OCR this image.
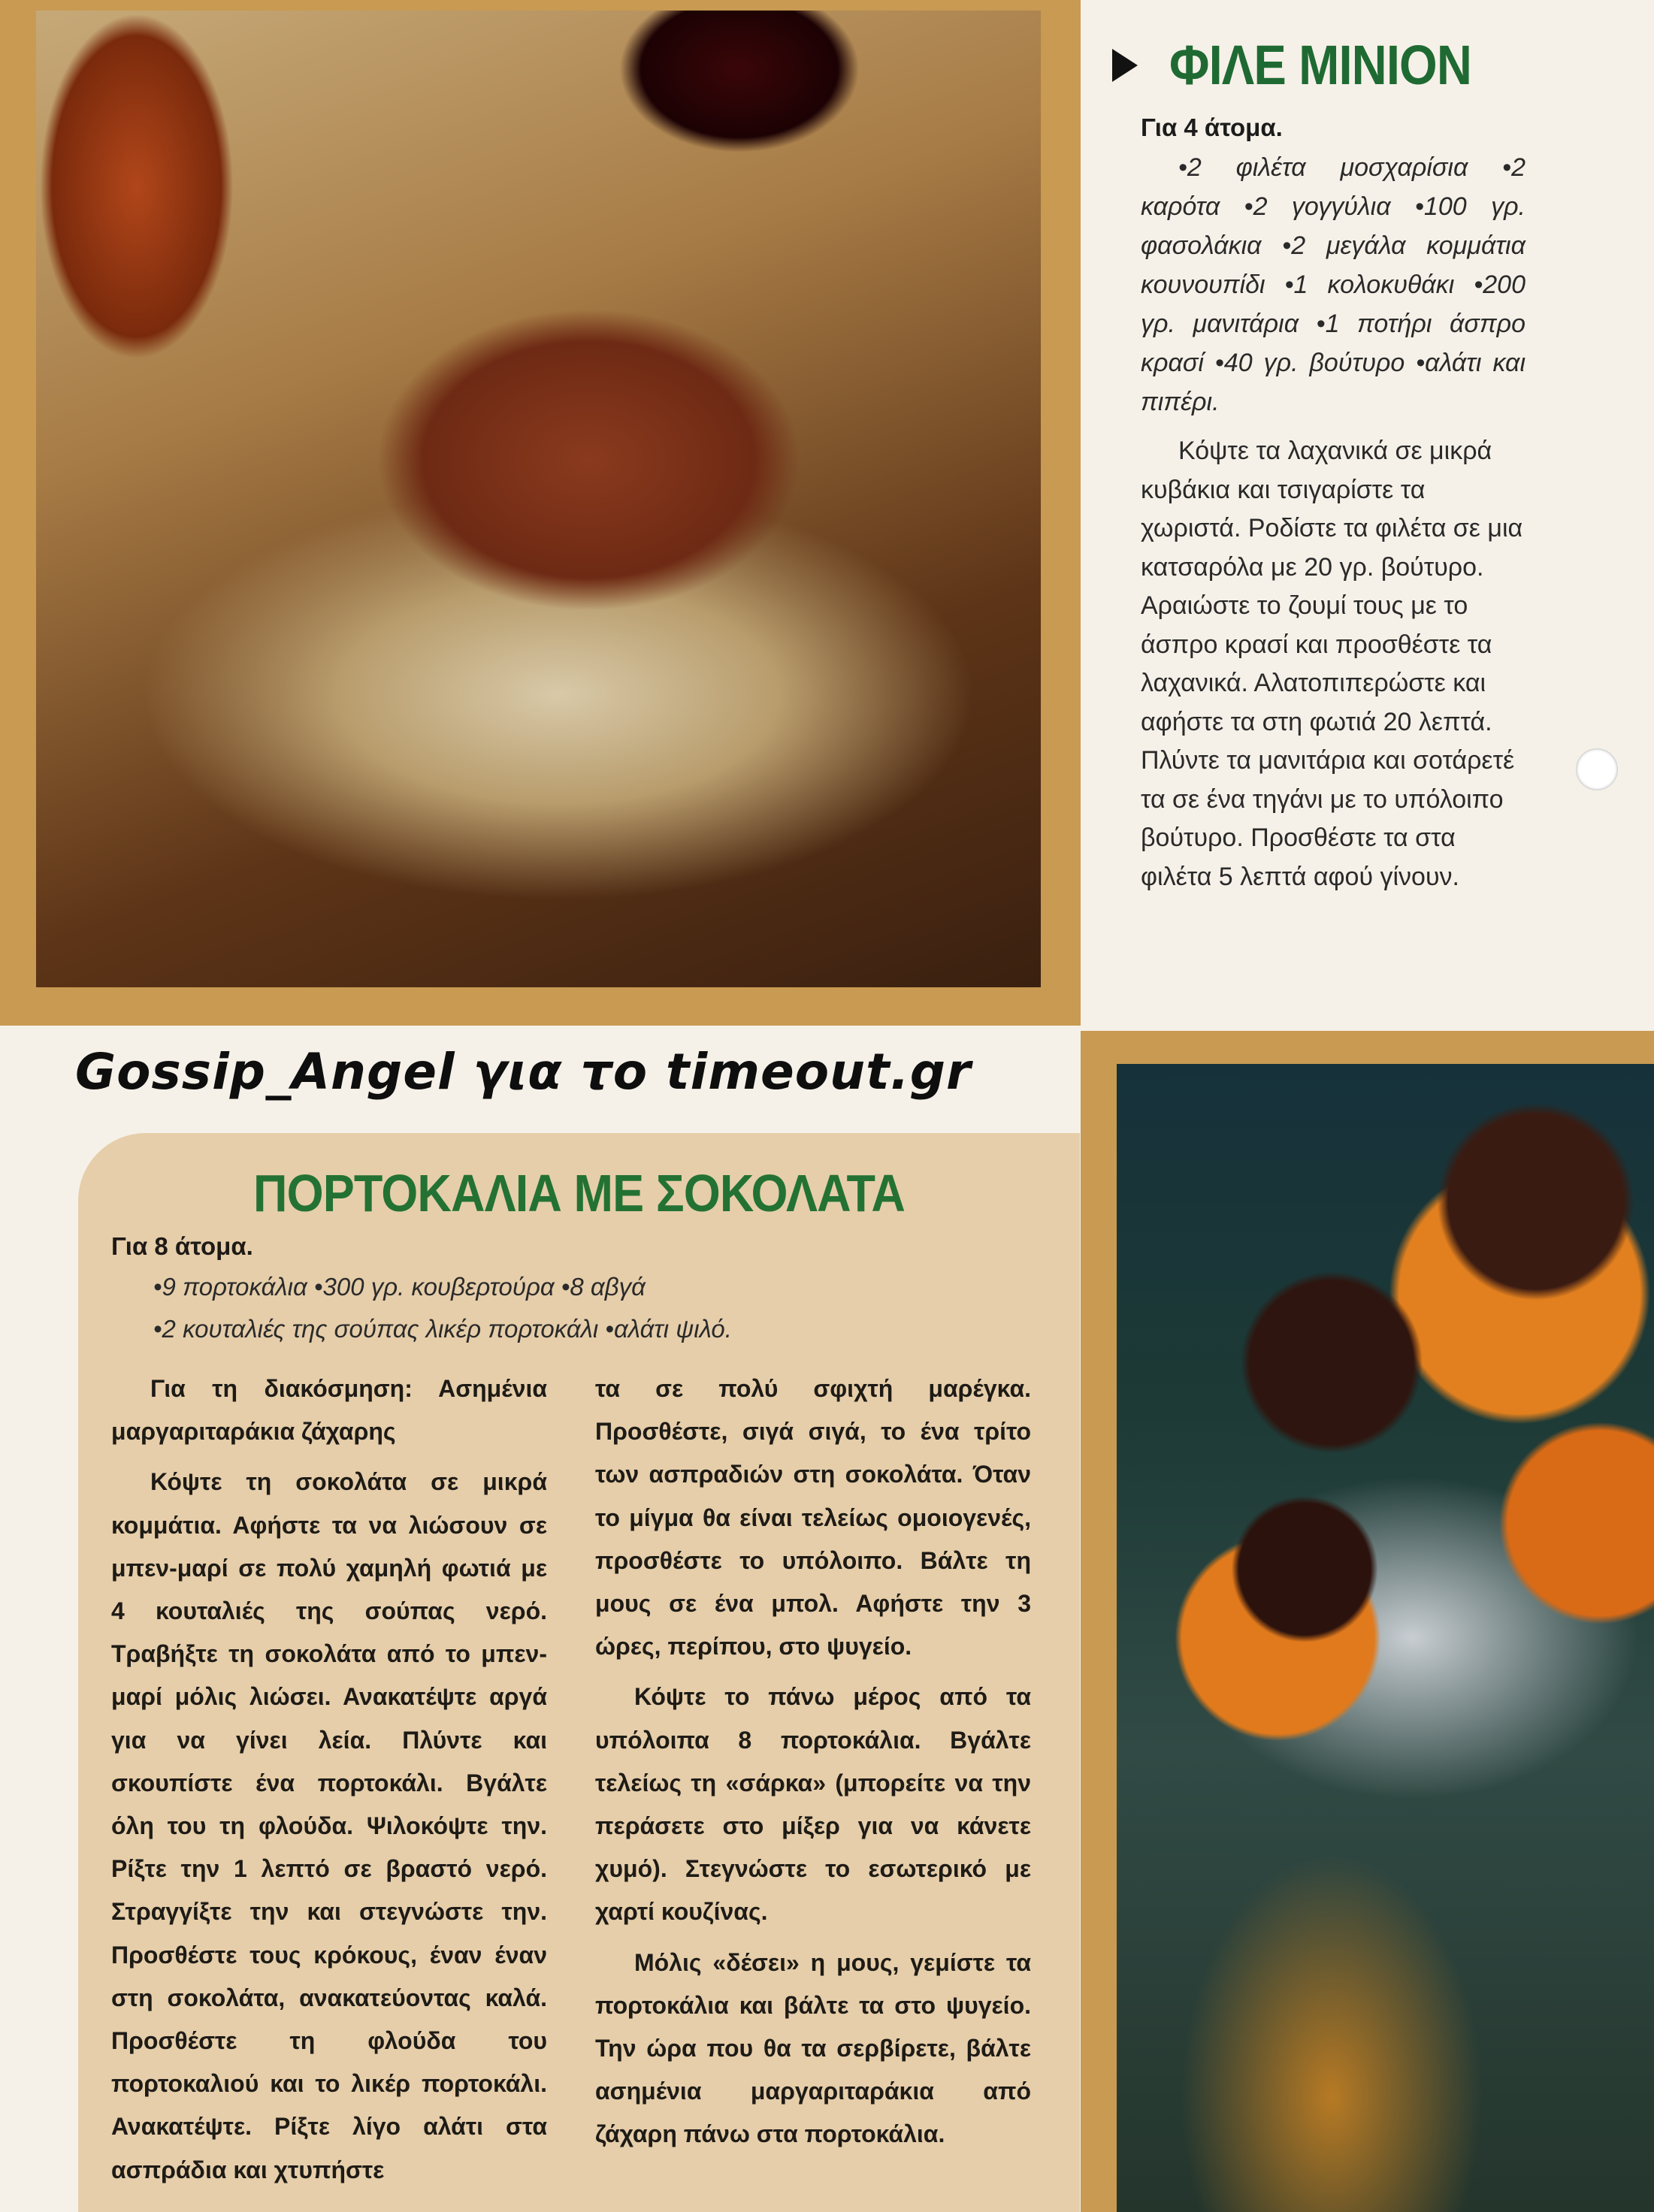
ΦΙΛΕ ΜΙΝΙΟΝ
Για 4 άτομα.

•2 φιλέτα μοσχαρίσια •2 καρότα •2 γογγύλια •100 γρ. φασολάκια •2 μεγάλα κομμάτια κουνουπίδι •1 κολοκυθάκι •200 γρ. μανιτάρια •1 ποτήρι άσπρο κρασί •40 γρ. βούτυρο •αλάτι και πιπέρι.

Κόψτε τα λαχανικά σε μικρά κυβάκια και τσιγαρίστε τα χωριστά. Ροδίστε τα φιλέτα σε μια κατσαρόλα με 20 γρ. βούτυρο. Αραιώστε το ζουμί τους με το άσπρο κρασί και προσθέστε τα λαχανικά. Αλατοπιπερώστε και αφήστε τα στη φωτιά 20 λεπτά. Πλύντε τα μανιτάρια και σοτάρετέ τα σε ένα τηγάνι με το υπόλοιπο βούτυρο. Προσθέστε τα στα φιλέτα 5 λεπτά αφού γίνουν.

Gossip_Angel για το timeout.gr
ΠΟΡΤΟΚΑΛΙΑ ΜΕ ΣΟΚΟΛΑΤΑ
Για 8 άτομα.

•9 πορτοκάλια •300 γρ. κουβερτούρα •8 αβγά

•2 κουταλιές της σούπας λικέρ πορτοκάλι •αλάτι ψιλό.

Για τη διακόσμηση: Ασημένια μαργαριταράκια ζάχαρης

Κόψτε τη σοκολάτα σε μικρά κομμάτια. Αφήστε τα να λιώσουν σε μπεν-μαρί σε πολύ χαμηλή φωτιά με 4 κουταλιές της σούπας νερό. Τραβήξτε τη σοκολάτα από το μπεν-μαρί μόλις λιώσει. Ανακατέψτε αργά για να γίνει λεία. Πλύντε και σκουπίστε ένα πορτοκάλι. Βγάλτε όλη του τη φλούδα. Ψιλοκόψτε την. Ρίξτε την 1 λεπτό σε βραστό νερό. Στραγγίξτε την και στεγνώστε την. Προσθέστε τους κρόκους, έναν έναν στη σοκολάτα, ανακατεύοντας καλά. Προσθέστε τη φλούδα του πορτοκαλιού και το λικέρ πορτοκάλι. Ανακατέψτε. Ρίξτε λίγο αλάτι στα ασπράδια και χτυπήστε

τα σε πολύ σφιχτή μαρέγκα. Προσθέστε, σιγά σιγά, το ένα τρίτο των ασπραδιών στη σοκολάτα. Όταν το μίγμα θα είναι τελείως ομοιογενές, προσθέστε το υπόλοιπο. Βάλτε τη μους σε ένα μπολ. Αφήστε την 3 ώρες, περίπου, στο ψυγείο.

Κόψτε το πάνω μέρος από τα υπόλοιπα 8 πορτοκάλια. Βγάλτε τελείως τη «σάρκα» (μπορείτε να την περάσετε στο μίξερ για να κάνετε χυμό). Στεγνώστε το εσωτερικό με χαρτί κουζίνας.

Μόλις «δέσει» η μους, γεμίστε τα πορτοκάλια και βάλτε τα στο ψυγείο. Την ώρα που θα τα σερβίρετε, βάλτε ασημένια μαργαριταράκια από ζάχαρη πάνω στα πορτοκάλια.
